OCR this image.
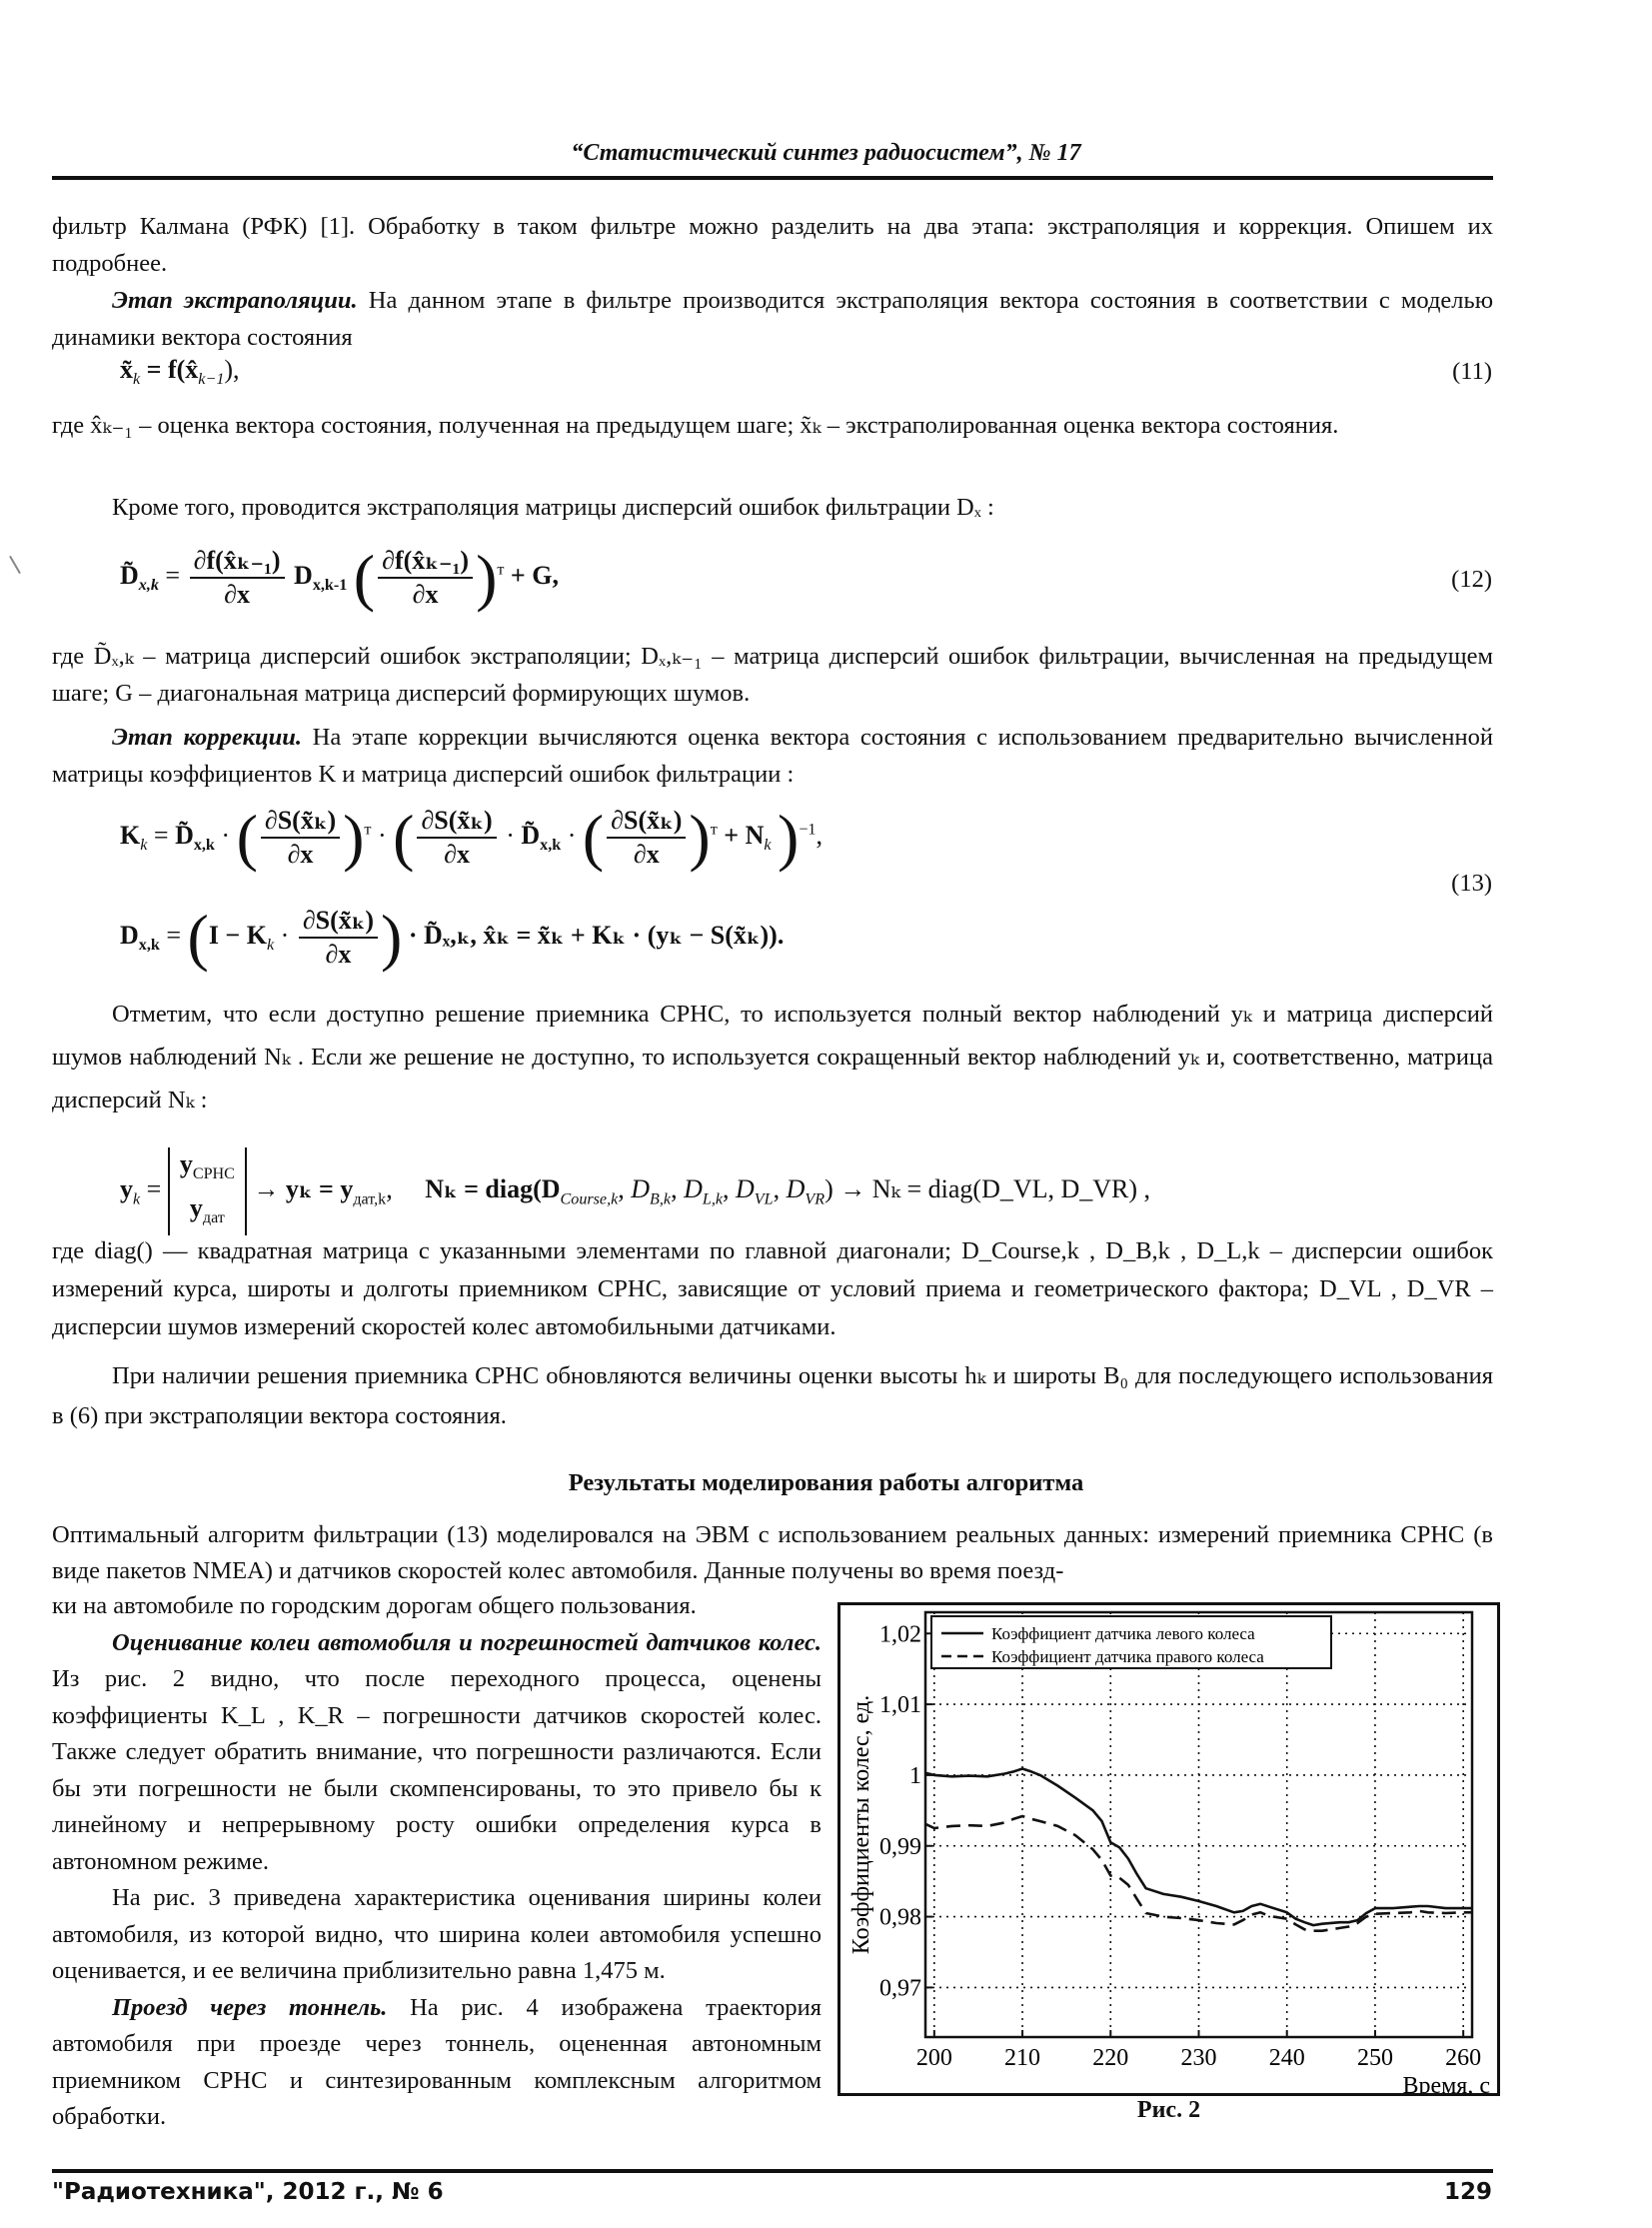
“Статистический синтез радиосистем”, № 17
фильтр Калмана (РФК) [1]. Обработку в таком фильтре можно разделить на два этапа: экстраполяция и коррекция. Опишем их подробнее.
Этап экстраполяции. На данном этапе в фильтре производится экстраполяция вектора состояния в соответствии с моделью динамики вектора состояния
$x̃_k$ = $f(x̂_{k-1})$,	(11)
где x̂ₖ₋₁ – оценка вектора состояния, полученная на предыдущем шаге; x̃ₖ – экстраполированная оценка вектора состояния.
Кроме того, проводится экстраполяция матрицы дисперсий ошибок фильтрации Dₓ :
$D̃_{x,k} = \frac{\text{∂f(x̂ₖ₋₁)}}{\partial x} D_{x,k-1}$ ( $\frac{\text{∂f(x̂ₖ₋₁)}}{\partial x} )^т + G$,	(12)
где D̃ₓ,ₖ – матрица дисперсий ошибок экстраполяции; Dₓ,ₖ₋₁ – матрица дисперсий ошибок фильтрации, вычисленная на предыдущем шаге; G – диагональная матрица дисперсий формирующих шумов.
Этап коррекции. На этапе коррекции вычисляются оценка вектора состояния с использованием предварительно вычисленной матрицы коэффициентов K и матрица дисперсий ошибок фильтрации :
$K_k$ = $D̃_{x,k}$ · ( $\frac{\text{∂S(x̃ₖ)}}{\partial x} )^т$ · ( $\frac{\text{∂S(x̃ₖ)}}{\partial x}$ · $D̃_{x,k}$ · ( $\frac{\text{∂S(x̃ₖ)}}{\partial x} )^т + N_k$ )$^{-1}$,
$D_{x,k} = (I - K_k \cdot \frac{\text{∂S(x̃ₖ)}}{\partial x}$ ) · D̃ₓ,ₖ, x̂ₖ = x̃ₖ + Kₖ · (yₖ − S(x̃ₖ)).
(13)
Отметим, что если доступно решение приемника СРНС, то используется полный вектор наблюдений yₖ и матрица дисперсий шумов наблюдений Nₖ . Если же решение не доступно, то используется сокращенный вектор наблюдений yₖ и, соответственно, матрица дисперсий Nₖ :
$y_k$ =
$y_{СРНС}$
$y_{дат}$
→ $y_k = y_{дат,k}$,     $N_k = diag(D_{Course,k}$, $D_{B,k}$, $D_{L,k}$, $D_{VL}$, $D_{VR}) \to N_k$ = diag(D_VL, D_VR) ,
где diag() — квадратная матрица с указанными элементами по главной диагонали; D_Course,k , D_B,k , D_L,k – дисперсии ошибок измерений курса, широты и долготы приемником СРНС, зависящие от условий приема и геометрического фактора; D_VL , D_VR – дисперсии шумов измерений скоростей колес автомобильными датчиками.
При наличии решения приемника СРНС обновляются величины оценки высоты hₖ и широты B₀ для последующего использования в (6) при экстраполяции вектора состояния.
Результаты моделирования работы алгоритма
Оптимальный алгоритм фильтрации (13) моделировался на ЭВМ с использованием реальных данных: измерений приемника СРНС (в виде пакетов NMEA) и датчиков скоростей колес автомобиля. Данные получены во время поезд-
ки на автомобиле по городским дорогам общего пользования.
Оценивание колеи автомобиля и погрешностей датчиков колес. Из рис. 2 видно, что после переходного процесса, оценены коэффициенты K_L , K_R – погрешности датчиков скоростей колес. Также следует обратить внимание, что погрешности различаются. Если бы эти погрешности не были скомпенсированы, то это привело бы к линейному и непрерывному росту ошибки определения курса в автономном режиме.
На рис. 3 приведена характеристика оценивания ширины колеи автомобиля, из которой видно, что ширина колеи автомобиля успешно оценивается, и ее величина приблизительно равна 1,475 м.
Проезд через тоннель. На рис. 4 изображена траектория автомобиля при проезде через тоннель, оцененная автономным приемником СРНС и синтезированным комплексным алгоритмом обработки.
200 210 220 230 240 250 260
0,97
0,98
0,99
1
1,01
1,02
Время, с
Коэффициенты колес, ед.
Коэффициент датчика левого колеса
Коэффициент датчика правого колеса
Рис. 2
"Радиотехника", 2012 г., № 6	129
